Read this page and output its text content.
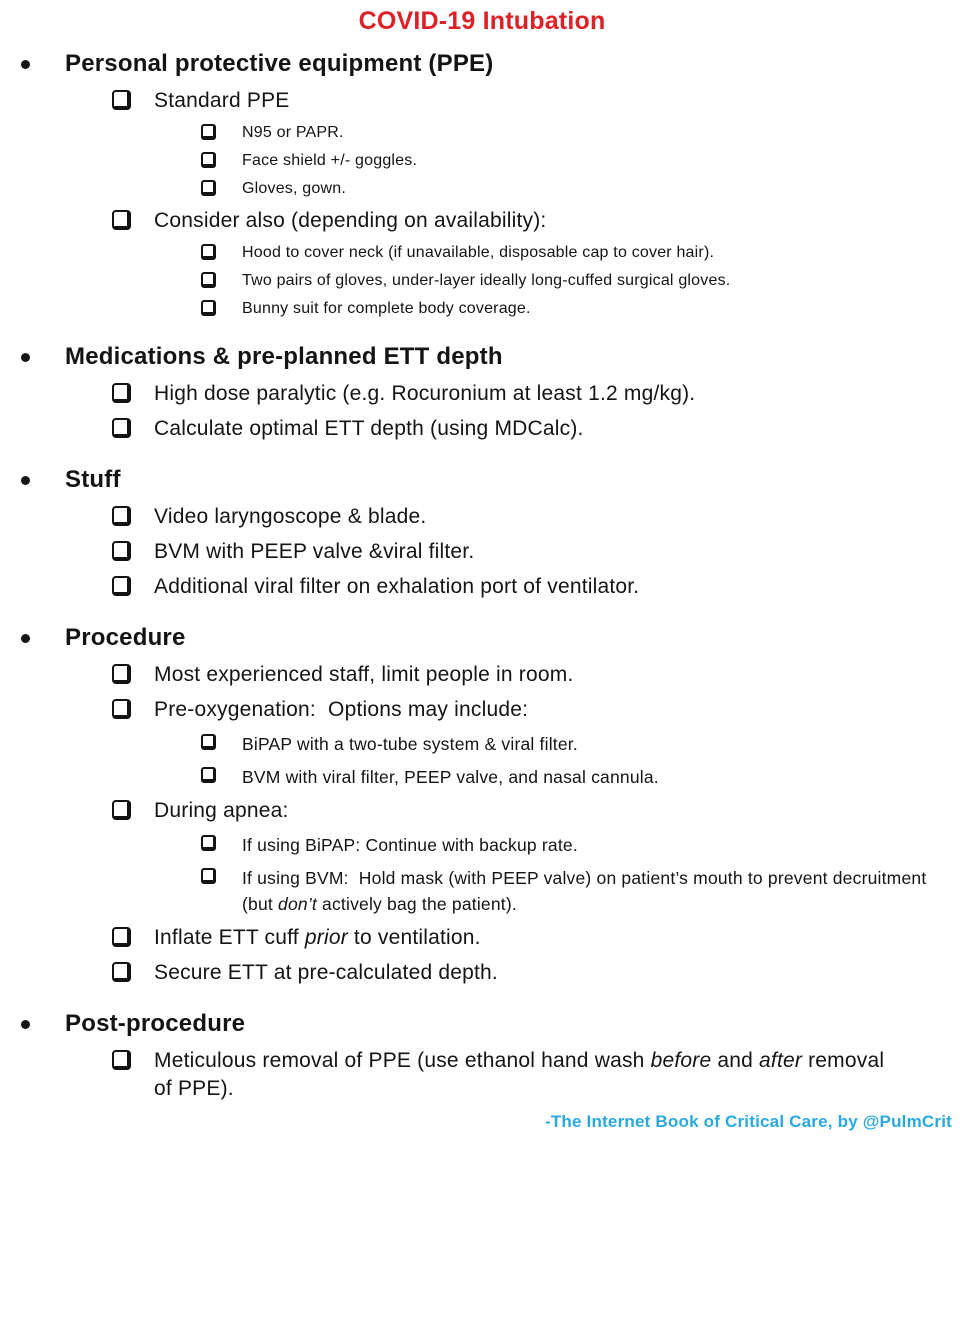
COVID-19 Intubation
Personal protective equipment (PPE)
Standard PPE
N95 or PAPR.
Face shield +/- goggles.
Gloves, gown.
Consider also (depending on availability):
Hood to cover neck (if unavailable, disposable cap to cover hair).
Two pairs of gloves, under-layer ideally long-cuffed surgical gloves.
Bunny suit for complete body coverage.
Medications & pre-planned ETT depth
High dose paralytic (e.g. Rocuronium at least 1.2 mg/kg).
Calculate optimal ETT depth (using MDCalc).
Stuff
Video laryngoscope & blade.
BVM with PEEP valve &viral filter.
Additional viral filter on exhalation port of ventilator.
Procedure
Most experienced staff, limit people in room.
Pre-oxygenation:  Options may include:
BiPAP with a two-tube system & viral filter.
BVM with viral filter, PEEP valve, and nasal cannula.
During apnea:
If using BiPAP: Continue with backup rate.
If using BVM:  Hold mask (with PEEP valve) on patient’s mouth to prevent decruitment (but don’t actively bag the patient).
Inflate ETT cuff prior to ventilation.
Secure ETT at pre-calculated depth.
Post-procedure
Meticulous removal of PPE (use ethanol hand wash before and after removal of PPE).
-The Internet Book of Critical Care, by @PulmCrit
